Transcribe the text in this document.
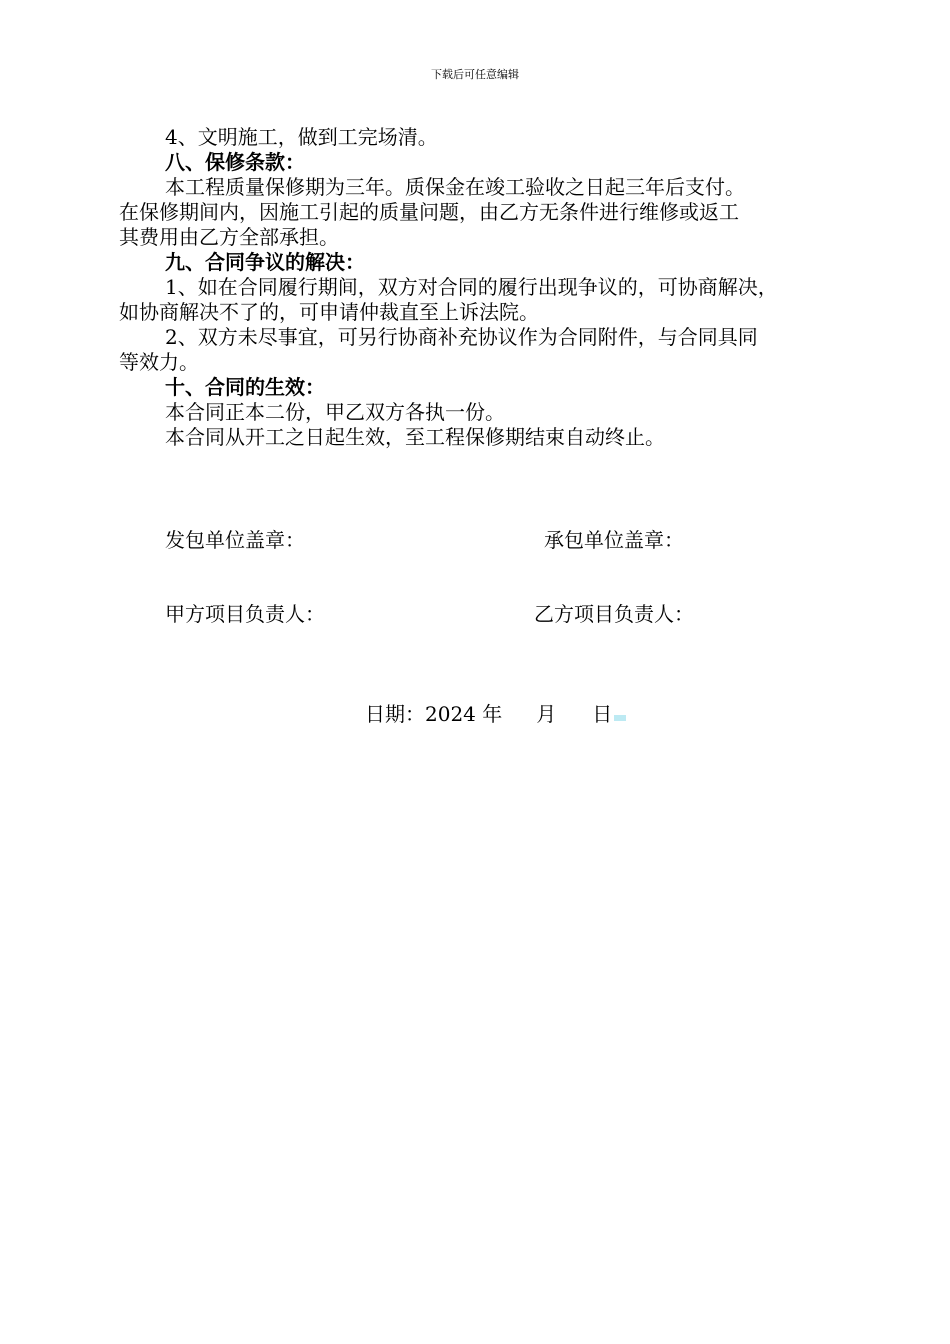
下载后可任意编辑
4、文明施工，做到工完场清。
八、保修条款：
本工程质量保修期为三年。质保金在竣工验收之日起三年后支付。
在保修期间内，因施工引起的质量问题，由乙方无条件进行维修或返工
其费用由乙方全部承担。
九、合同争议的解决：
1、如在合同履行期间，双方对合同的履行出现争议的，可协商解决，
如协商解决不了的，可申请仲裁直至上诉法院。
2、双方未尽事宜，可另行协商补充协议作为合同附件，与合同具同
等效力。
十、合同的生效：
本合同正本二份，甲乙双方各执一份。
本合同从开工之日起生效，至工程保修期结束自动终止。
发包单位盖章：	承包单位盖章：
甲方项目负责人：	乙方项目负责人：
日期：2024 年 月 日
